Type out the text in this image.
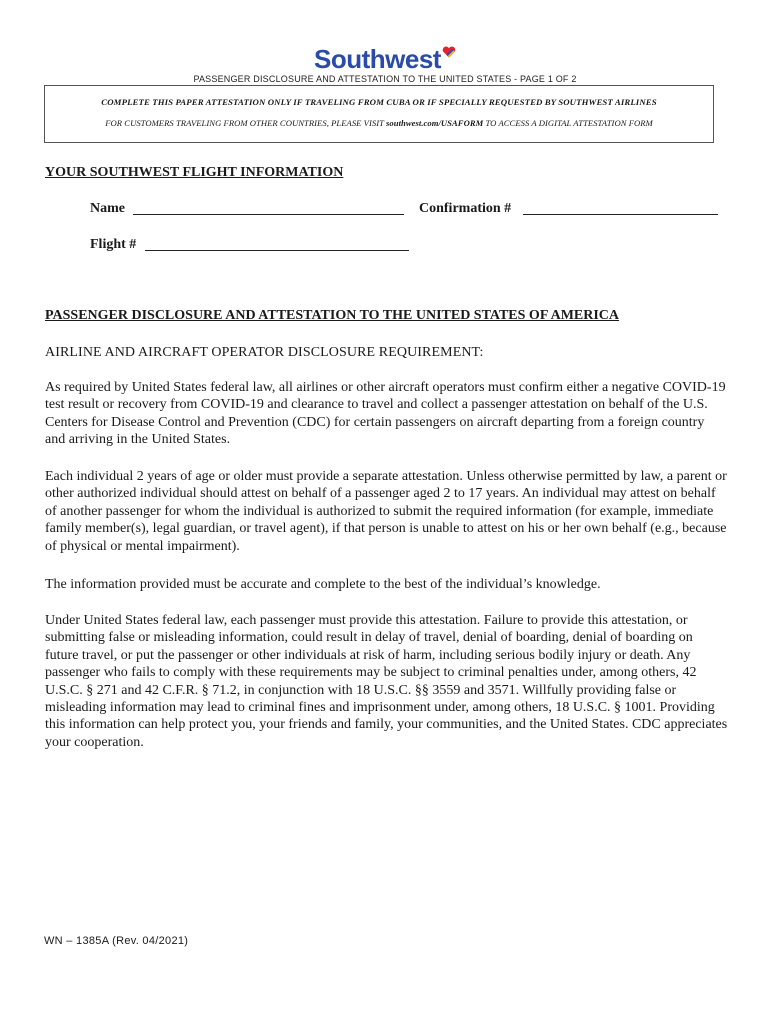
Southwest
PASSENGER DISCLOSURE AND ATTESTATION TO THE UNITED STATES - PAGE 1 OF 2
COMPLETE THIS PAPER ATTESTATION ONLY IF TRAVELING FROM CUBA OR IF SPECIALLY REQUESTED BY SOUTHWEST AIRLINES
FOR CUSTOMERS TRAVELING FROM OTHER COUNTRIES, PLEASE VISIT southwest.com/USAFORM TO ACCESS A DIGITAL ATTESTATION FORM
YOUR SOUTHWEST FLIGHT INFORMATION
Name	Confirmation #
Flight #
PASSENGER DISCLOSURE AND ATTESTATION TO THE UNITED STATES OF AMERICA
AIRLINE AND AIRCRAFT OPERATOR DISCLOSURE REQUIREMENT:

As required by United States federal law, all airlines or other aircraft operators must confirm either a negative COVID-19 test result or recovery from COVID-19 and clearance to travel and collect a passenger attestation on behalf of the U.S. Centers for Disease Control and Prevention (CDC) for certain passengers on aircraft departing from a foreign country and arriving in the United States.

Each individual 2 years of age or older must provide a separate attestation. Unless otherwise permitted by law, a parent or other authorized individual should attest on behalf of a passenger aged 2 to 17 years. An individual may attest on behalf of another passenger for whom the individual is authorized to submit the required information (for example, immediate family member(s), legal guardian, or travel agent), if that person is unable to attest on his or her own behalf (e.g., because of physical or mental impairment).

The information provided must be accurate and complete to the best of the individual’s knowledge.

Under United States federal law, each passenger must provide this attestation. Failure to provide this attestation, or submitting false or misleading information, could result in delay of travel, denial of boarding, denial of boarding on future travel, or put the passenger or other individuals at risk of harm, including serious bodily injury or death. Any passenger who fails to comply with these requirements may be subject to criminal penalties under, among others, 42 U.S.C. § 271 and 42 C.F.R. § 71.2, in conjunction with 18 U.S.C. §§ 3559 and 3571. Willfully providing false or misleading information may lead to criminal fines and imprisonment under, among others, 18 U.S.C. § 1001. Providing this information can help protect you, your friends and family, your communities, and the United States. CDC appreciates your cooperation.

WN – 1385A (Rev. 04/2021)
